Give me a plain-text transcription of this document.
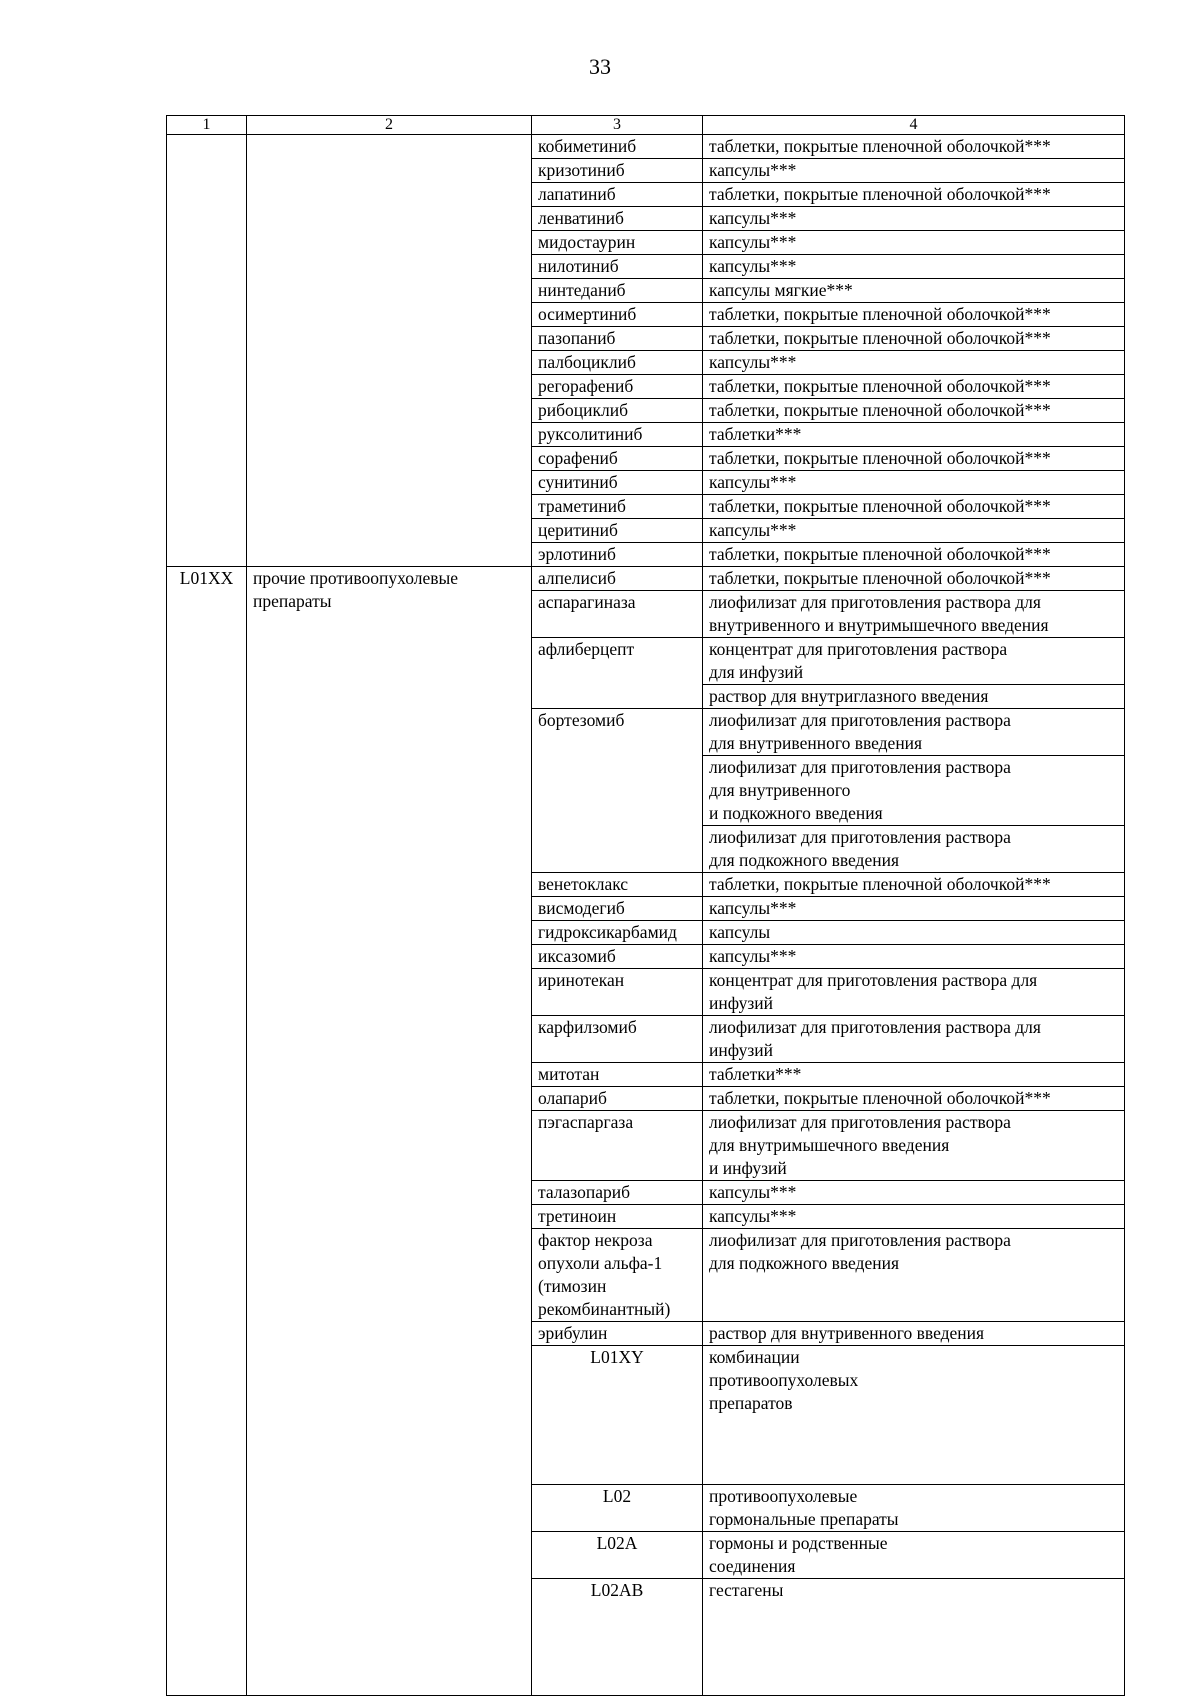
33
1	2	3	4	
		кобиметиниб	таблетки, покрытые пленочной оболочкой***	
		кризотиниб	капсулы***	
		лапатиниб	таблетки, покрытые пленочной оболочкой***	
		ленватиниб	капсулы***	
		мидостаурин	капсулы***	
		нилотиниб	капсулы***	
		нинтеданиб	капсулы мягкие***	
		осимертиниб	таблетки, покрытые пленочной оболочкой***	
		пазопаниб	таблетки, покрытые пленочной оболочкой***	
		палбоциклиб	капсулы***	
		регорафениб	таблетки, покрытые пленочной оболочкой***	
		рибоциклиб	таблетки, покрытые пленочной оболочкой***	
		руксолитиниб	таблетки***	
		сорафениб	таблетки, покрытые пленочной оболочкой***	
		сунитиниб	капсулы***	
		траметиниб	таблетки, покрытые пленочной оболочкой***	
		церитиниб	капсулы***	
		эрлотиниб	таблетки, покрытые пленочной оболочкой***	
L01XX	прочие противоопухолевые препараты	алпелисиб	таблетки, покрытые пленочной оболочкой***	
		аспарагиназа	лиофилизат для приготовления раствора для
внутривенного и внутримышечного введения	
		афлиберцепт	концентрат для приготовления раствора
для инфузий	
			раствор для внутриглазного введения	
		бортезомиб	лиофилизат для приготовления раствора
для внутривенного введения	
			лиофилизат для приготовления раствора
для внутривенного
и подкожного введения	
			лиофилизат для приготовления раствора
для подкожного введения	
		венетоклакс	таблетки, покрытые пленочной оболочкой***	
		висмодегиб	капсулы***	
		гидроксикарбамид	капсулы	
		иксазомиб	капсулы***	
		иринотекан	концентрат для приготовления раствора для
инфузий	
		карфилзомиб	лиофилизат для приготовления раствора для
инфузий	
		митотан	таблетки***	
		олапариб	таблетки, покрытые пленочной оболочкой***	
		пэгаспаргаза	лиофилизат для приготовления раствора
для внутримышечного введения
и инфузий	
		талазопариб	капсулы***	
		третиноин	капсулы***	
		фактор некроза
опухоли альфа-1
(тимозин
рекомбинантный)	лиофилизат для приготовления раствора
для подкожного введения	
		эрибулин	раствор для внутривенного введения	
		L01XY	комбинации
противоопухолевых
препаратов		
		L02	противоопухолевые
гормональные препараты		
		L02A	гормоны и родственные
соединения		
		L02AB	гестагены		
